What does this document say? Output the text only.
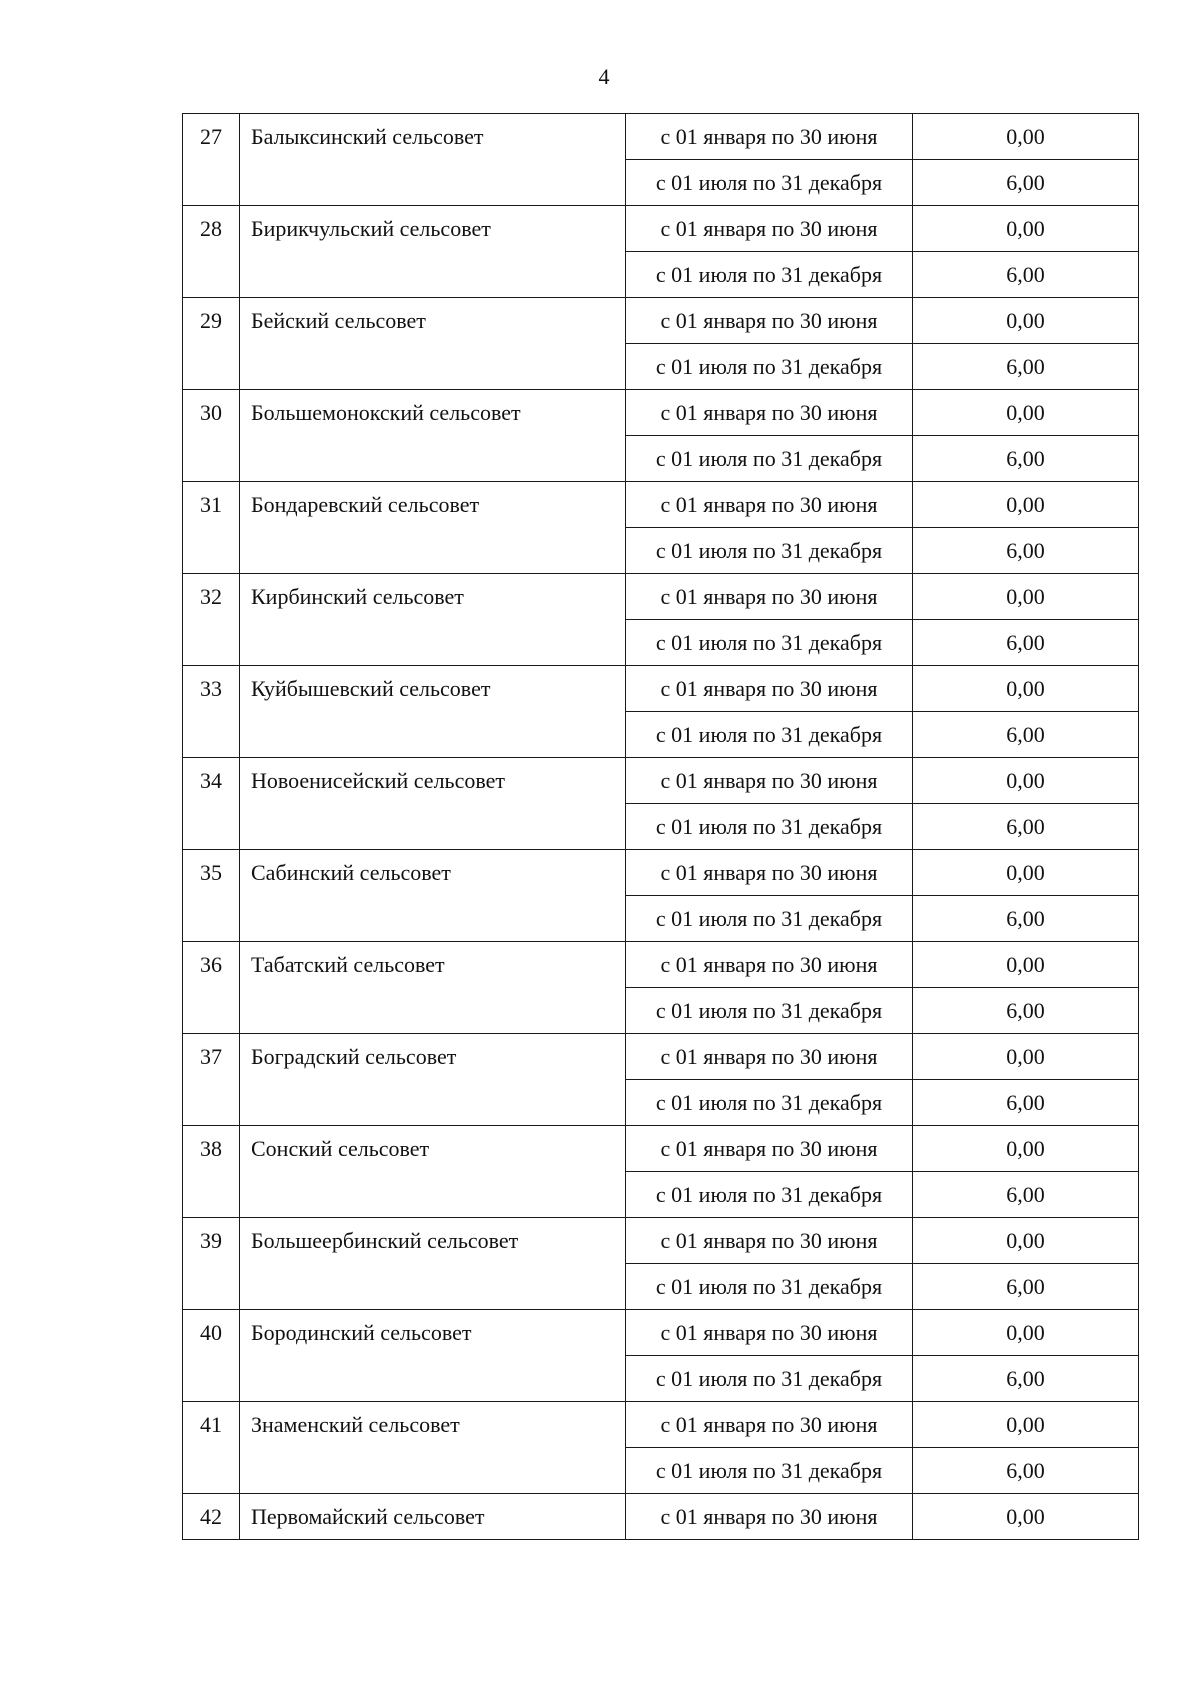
4
27	Балыксинский сельсовет	с 01 января по 30 июня	0,00
		с 01 июля по 31 декабря	6,00
28	Бирикчульский сельсовет	с 01 января по 30 июня	0,00
		с 01 июля по 31 декабря	6,00
29	Бейский сельсовет	с 01 января по 30 июня	0,00
		с 01 июля по 31 декабря	6,00
30	Большемонокский сельсовет	с 01 января по 30 июня	0,00
		с 01 июля по 31 декабря	6,00
31	Бондаревский сельсовет	с 01 января по 30 июня	0,00
		с 01 июля по 31 декабря	6,00
32	Кирбинский сельсовет	с 01 января по 30 июня	0,00
		с 01 июля по 31 декабря	6,00
33	Куйбышевский сельсовет	с 01 января по 30 июня	0,00
		с 01 июля по 31 декабря	6,00
34	Новоенисейский сельсовет	с 01 января по 30 июня	0,00
		с 01 июля по 31 декабря	6,00
35	Сабинский сельсовет	с 01 января по 30 июня	0,00
		с 01 июля по 31 декабря	6,00
36	Табатский сельсовет	с 01 января по 30 июня	0,00
		с 01 июля по 31 декабря	6,00
37	Боградский сельсовет	с 01 января по 30 июня	0,00
		с 01 июля по 31 декабря	6,00
38	Сонский сельсовет	с 01 января по 30 июня	0,00
		с 01 июля по 31 декабря	6,00
39	Большеербинский сельсовет	с 01 января по 30 июня	0,00
		с 01 июля по 31 декабря	6,00
40	Бородинский сельсовет	с 01 января по 30 июня	0,00
		с 01 июля по 31 декабря	6,00
41	Знаменский сельсовет	с 01 января по 30 июня	0,00
		с 01 июля по 31 декабря	6,00
42	Первомайский сельсовет	с 01 января по 30 июня	0,00
